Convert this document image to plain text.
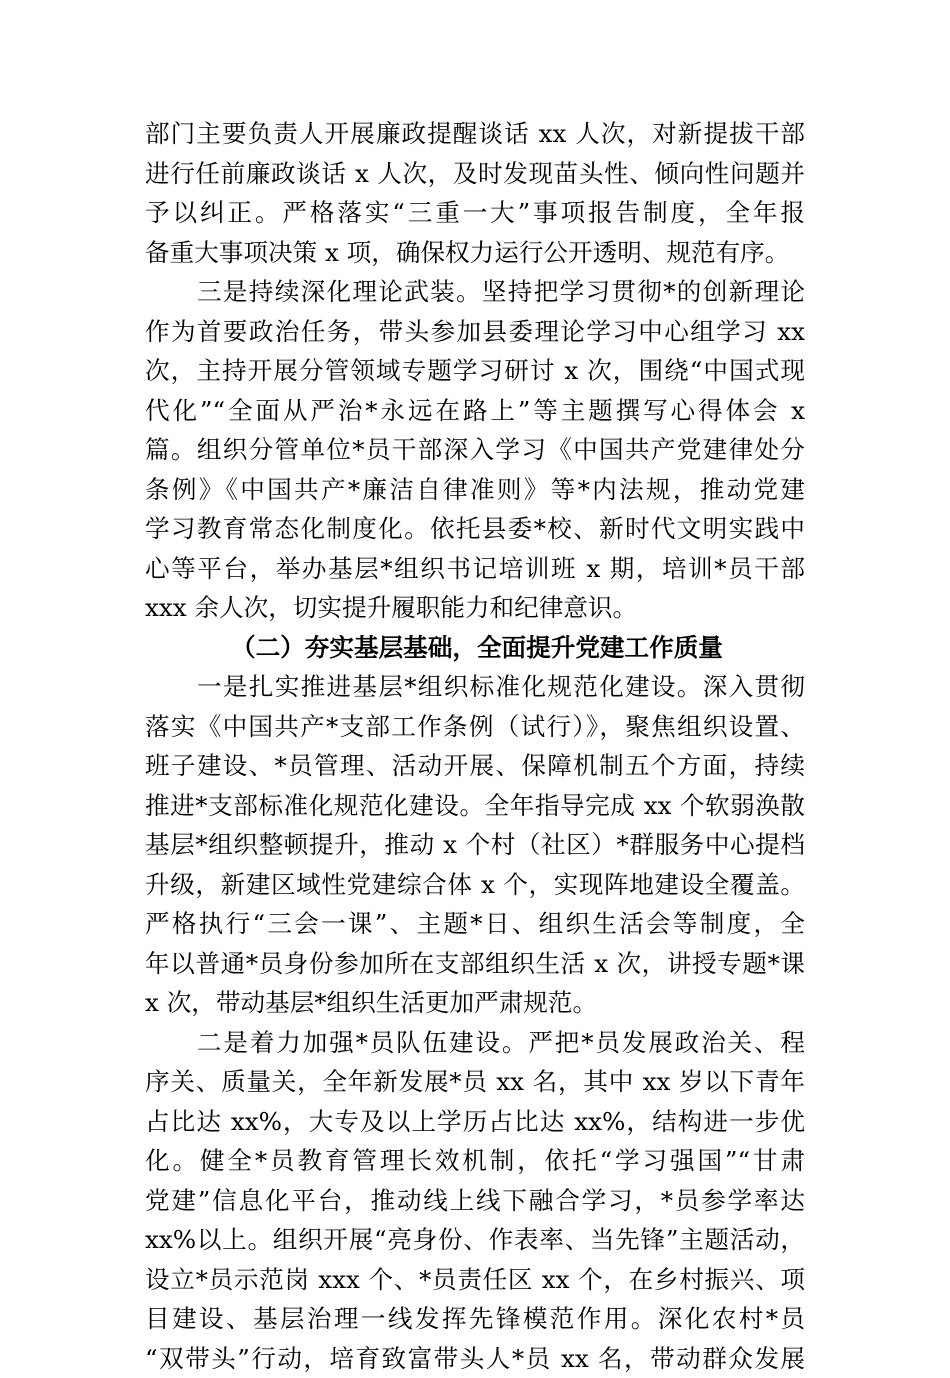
部门主要负责人开展廉政提醒谈话 xx 人次，对新提拔干部
进行任前廉政谈话 x 人次，及时发现苗头性、倾向性问题并
予以纠正。严格落实“三重一大”事项报告制度，全年报
备重大事项决策 x 项，确保权力运行公开透明、规范有序。
三是持续深化理论武装。坚持把学习贯彻*的创新理论
作为首要政治任务，带头参加县委理论学习中心组学习 xx
次，主持开展分管领域专题学习研讨 x 次，围绕“中国式现
代化”“全面从严治*永远在路上”等主题撰写心得体会 x
篇。组织分管单位*员干部深入学习《中国共产党建律处分
条例》《中国共产*廉洁自律准则》等*内法规，推动党建
学习教育常态化制度化。依托县委*校、新时代文明实践中
心等平台，举办基层*组织书记培训班 x 期，培训*员干部
xxx 余人次，切实提升履职能力和纪律意识。
（二）夯实基层基础，全面提升党建工作质量
一是扎实推进基层*组织标准化规范化建设。深入贯彻
落实《中国共产*支部工作条例（试行）》，聚焦组织设置、
班子建设、*员管理、活动开展、保障机制五个方面，持续
推进*支部标准化规范化建设。全年指导完成 xx 个软弱涣散
基层*组织整顿提升，推动 x 个村（社区）*群服务中心提档
升级，新建区域性党建综合体 x 个，实现阵地建设全覆盖。
严格执行“三会一课”、主题*日、组织生活会等制度，全
年以普通*员身份参加所在支部组织生活 x 次，讲授专题*课
x 次，带动基层*组织生活更加严肃规范。
二是着力加强*员队伍建设。严把*员发展政治关、程
序关、质量关，全年新发展*员 xx 名，其中 xx 岁以下青年
占比达 xx%，大专及以上学历占比达 xx%，结构进一步优
化。健全*员教育管理长效机制，依托“学习强国”“甘肃
党建”信息化平台，推动线上线下融合学习，*员参学率达
xx%以上。组织开展“亮身份、作表率、当先锋”主题活动，
设立*员示范岗 xxx 个、*员责任区 xx 个，在乡村振兴、项
目建设、基层治理一线发挥先锋模范作用。深化农村*员
“双带头”行动，培育致富带头人*员 xx 名，带动群众发展
